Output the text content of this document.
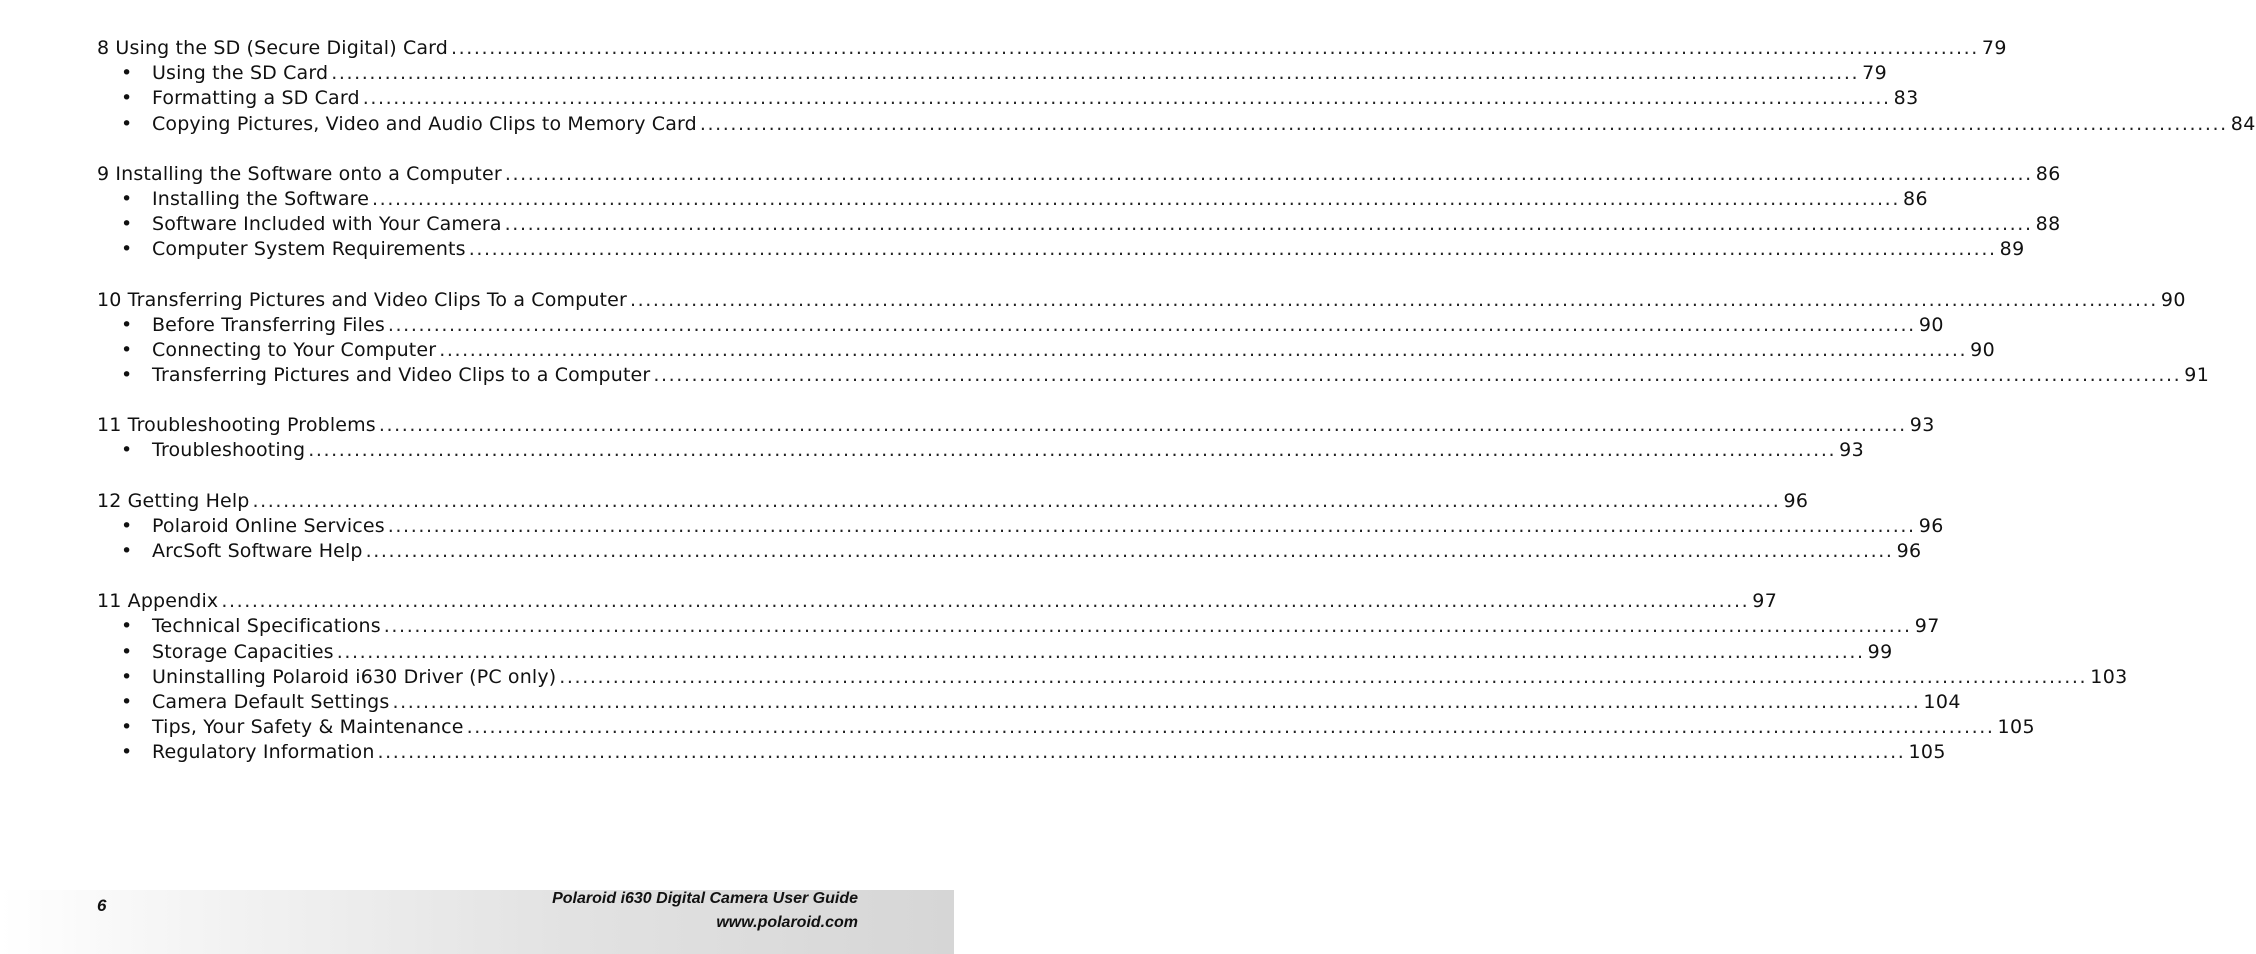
8 Using the SD (Secure Digital) Card ........................................................................................................................................................................................................ 79
•	Using the SD Card ........................................................................................................................................................................................................ 79
•	Formatting a SD Card ........................................................................................................................................................................................................ 83
•	Copying Pictures, Video and Audio Clips to Memory Card ........................................................................................................................................................................................................ 84
9 Installing the Software onto a Computer ........................................................................................................................................................................................................ 86
•	Installing the Software ........................................................................................................................................................................................................ 86
•	Software Included with Your Camera ........................................................................................................................................................................................................ 88
•	Computer System Requirements ........................................................................................................................................................................................................ 89
10 Transferring Pictures and Video Clips To a Computer ........................................................................................................................................................................................................ 90
•	Before Transferring Files ........................................................................................................................................................................................................ 90
•	Connecting to Your Computer ........................................................................................................................................................................................................ 90
•	Transferring Pictures and Video Clips to a Computer ........................................................................................................................................................................................................ 91
11 Troubleshooting Problems ........................................................................................................................................................................................................ 93
•	Troubleshooting ........................................................................................................................................................................................................ 93
12 Getting Help ........................................................................................................................................................................................................ 96
•	Polaroid Online Services ........................................................................................................................................................................................................ 96
•	ArcSoft Software Help ........................................................................................................................................................................................................ 96
11 Appendix ........................................................................................................................................................................................................ 97
•	Technical Specifications ........................................................................................................................................................................................................ 97
•	Storage Capacities ........................................................................................................................................................................................................ 99
•	Uninstalling Polaroid i630 Driver (PC only) ........................................................................................................................................................................................................ 103
•	Camera Default Settings ........................................................................................................................................................................................................ 104
•	Tips, Your Safety & Maintenance ........................................................................................................................................................................................................ 105
•	Regulatory Information ........................................................................................................................................................................................................ 105
6	Polaroid i630 Digital Camera User Guide
www.polaroid.com
